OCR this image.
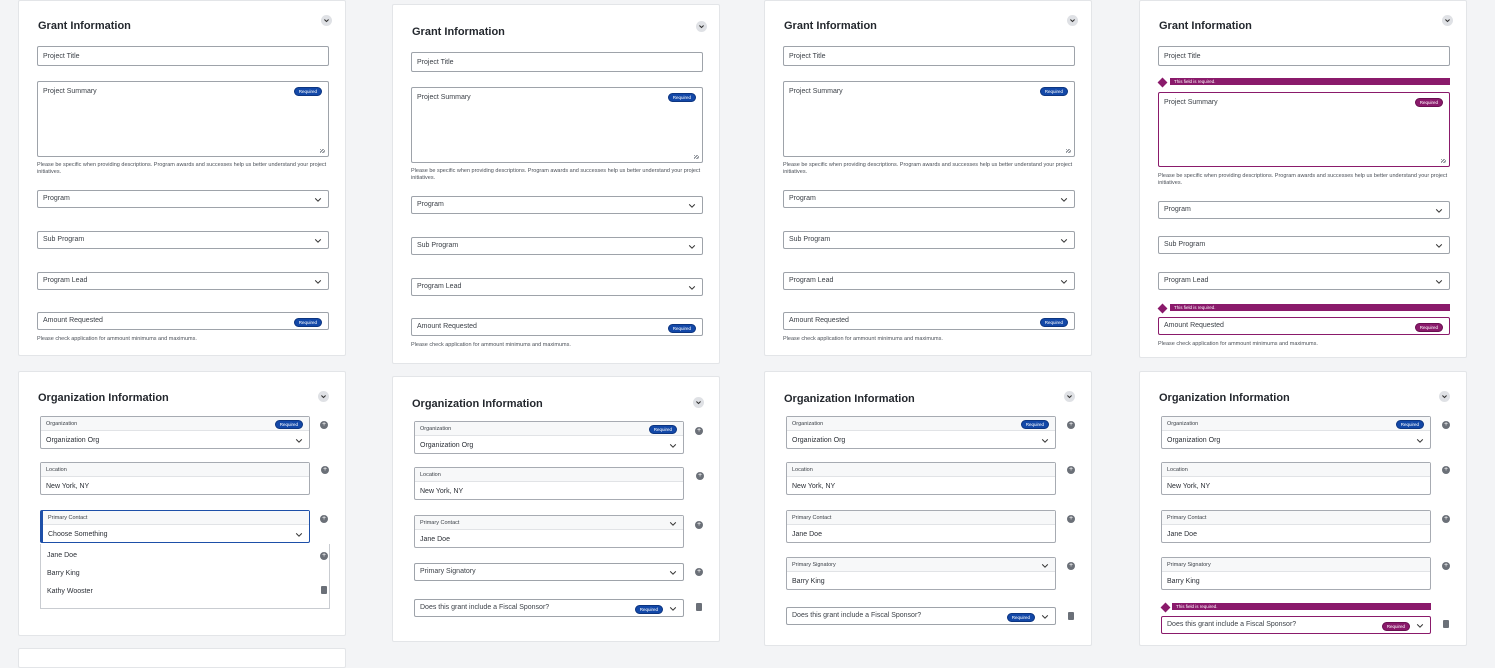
Grant Information
Project Title
Project Summary	Required
Please be specific when providing descriptions. Program awards and successes help us better understand your project initiatives.
Program
Sub Program
Program Lead
Amount Requested	Required
Please check application for ammount minimums and maximums.
Organization Information
Organization	Required
Organization Org
+
Location
New York, NY
+
Primary Contact
Choose Something
+
Jane Doe
Barry King
Kathy Wooster
+
Grant Information
Project Title
Project Summary	Required
Please be specific when providing descriptions. Program awards and successes help us better understand your project initiatives.
Program
Sub Program
Program Lead
Amount Requested	Required
Please check application for ammount minimums and maximums.
Organization Information
Organization	Required
Organization Org
+
Location
New York, NY
+
Primary Contact
Jane Doe
+
Primary Signatory	+
Does this grant include a Fiscal Sponsor?	Required
Grant Information
Project Title
Project Summary	Required
Please be specific when providing descriptions. Program awards and successes help us better understand your project initiatives.
Program
Sub Program
Program Lead
Amount Requested	Required
Please check application for ammount minimums and maximums.
Organization Information
Organization	Required
Organization Org
+
Location
New York, NY
+
Primary Contact
Jane Doe
+
Primary Signatory
Barry King
+
Does this grant include a Fiscal Sponsor?	Required
Grant Information
Project Title
This field is required.
Project Summary	Required
Please be specific when providing descriptions. Program awards and successes help us better understand your project initiatives.
Program
Sub Program
Program Lead
This field is required.
Amount Requested	Required
Please check application for ammount minimums and maximums.
Organization Information
Organization	Required
Organization Org
+
Location
New York, NY
+
Primary Contact
Jane Doe
+
Primary Signatory
Barry King
+
This field is required.
Does this grant include a Fiscal Sponsor?	Required
